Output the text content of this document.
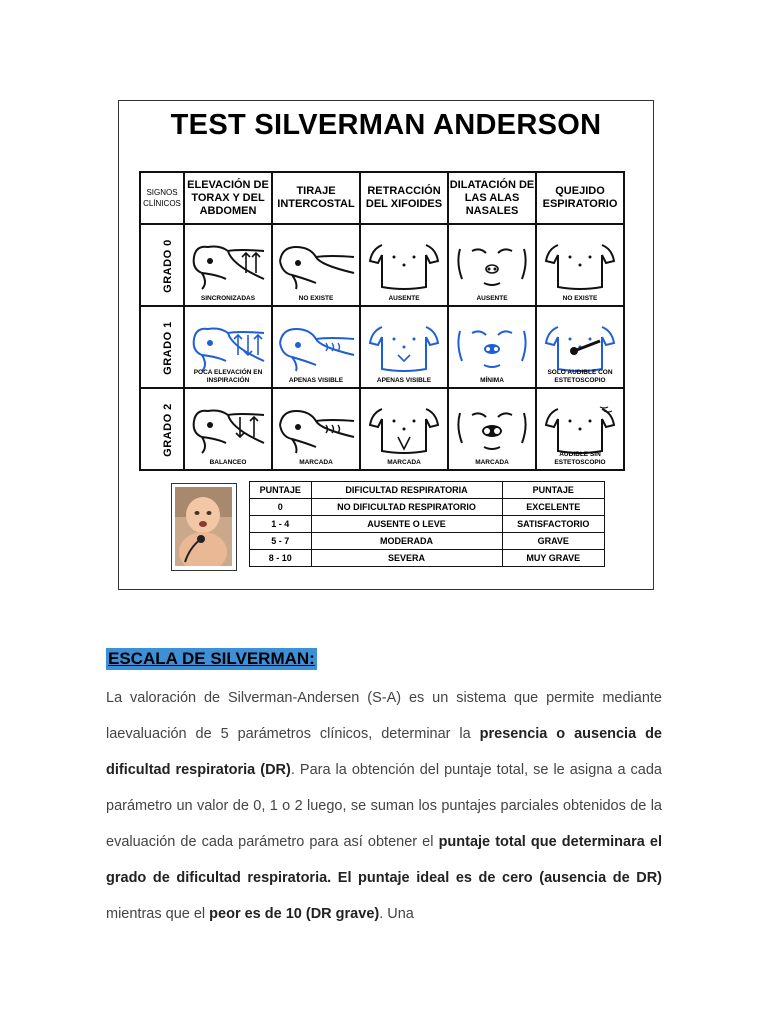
TEST SILVERMAN ANDERSON
SIGNOS CLÍNICOS	ELEVACIÓN DE TORAX Y DEL ABDOMEN	TIRAJE INTERCOSTAL	RETRACCIÓN DEL XIFOIDES	DILATACIÓN DE LAS ALAS NASALES	QUEJIDO ESPIRATORIO
GRADO 0	SINCRONIZADAS	NO EXISTE	AUSENTE	AUSENTE	NO EXISTE

GRADO 1	POCA ELEVACIÓN EN INSPIRACIÓN	APENAS VISIBLE	APENAS VISIBLE	MÍNIMA	SOLO AUDIBLE CON ESTETOSCOPIO

GRADO 2	BALANCEO	MARCADA	MARCADA	MARCADA	AUDIBLE SIN ESTETOSCOPIO
PUNTAJE	DIFICULTAD RESPIRATORIA	PUNTAJE
0	NO DIFICULTAD RESPIRATORIO	EXCELENTE
1 - 4	AUSENTE O LEVE	SATISFACTORIO
5 - 7	MODERADA	GRAVE
8 - 10	SEVERA	MUY GRAVE
ESCALA DE SILVERMAN:
La valoración de Silverman-Andersen (S-A) es un sistema que permite mediante laevaluación de 5 parámetros clínicos, determinar la presencia o ausencia de dificultad respiratoria (DR). Para la obtención del puntaje total, se le asigna a cada parámetro un valor de 0, 1 o 2 luego, se suman los puntajes parciales obtenidos de la evaluación de cada parámetro para así obtener el puntaje total que determinara el grado de dificultad respiratoria. El puntaje ideal es de cero (ausencia de DR) mientras que el peor es de 10 (DR grave). Una
